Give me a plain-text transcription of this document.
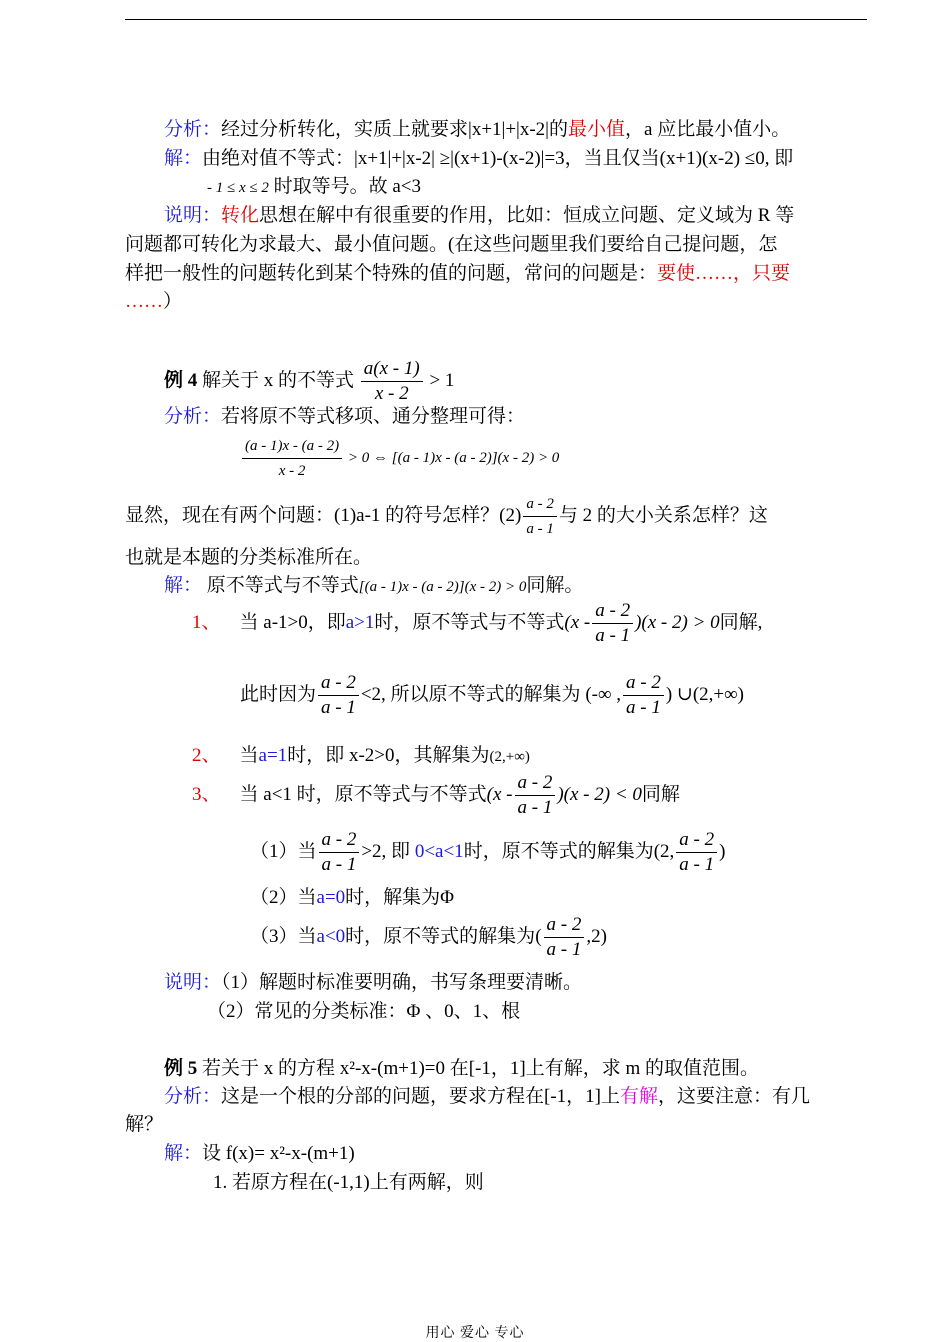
分析：经过分析转化，实质上就要求|x+1|+|x-2|的最小值，a 应比最小值小。
解：由绝对值不等式：|x+1|+|x-2| ≥|(x+1)-(x-2)|=3，当且仅当(x+1)(x-2) ≤0, 即
- 1 ≤ x ≤ 2 时取等号。故 a<3
说明：转化思想在解中有很重要的作用，比如：恒成立问题、定义域为 R 等
问题都可转化为求最大、最小值问题。(在这些问题里我们要给自己提问题，怎
样把一般性的问题转化到某个特殊的值的问题，常问的问题是：要使……，只要
……）
例 4 解关于 x 的不等式 $\frac{a(x - 1)}{x - 2} > 1$
分析：若将原不等式移项、通分整理可得：
$\frac{(a - 1)x - (a - 2)}{x - 2} > 0$ ⇔ [(a - 1)x - (a - 2)](x - 2) > 0
显然，现在有两个问题：(1)a-1 的符号怎样？$(2) \frac{a - 2}{a - 1}$ 与 2 的大小关系怎样？这
也就是本题的分类标准所在。
解： 原不等式与不等式[(a - 1)x - (a - 2)](x - 2) > 0同解。
1、 当 a-1>0，即a>1时，原不等式与不等式$(x - \frac{a - 2}{a - 1} )(x - 2) > 0$同解,
此时因为 $\frac{a - 2}{a - 1} <2$, 所以原不等式的解集为 (-∞ , $\frac{a - 2}{a - 1}$ ) ∪(2,+∞)
2、 当a=1时，即 x-2>0，其解集为(2,+∞)
3、 当 a<1 时，原不等式与不等式$(x - \frac{a - 2}{a - 1} )(x - 2) < 0$同解
（1）当 $\frac{a - 2}{a - 1} >2$, 即 0<a<1时，原不等式的解集为(2, $\frac{a - 2}{a - 1}$ )
（2）当a=0时，解集为Φ
（3）当a<0时，原不等式的解集为( $\frac{a - 2}{a - 1} ,2$)
说明：（1）解题时标准要明确，书写条理要清晰。
（2）常见的分类标准：Φ 、0、1、根
例 5 若关于 x 的方程 x²-x-(m+1)=0 在[-1，1]上有解，求 m 的取值范围。
分析：这是一个根的分部的问题，要求方程在[-1，1]上有解，这要注意：有几
解？
解：设 f(x)= x²-x-(m+1)
1. 若原方程在(-1,1)上有两解，则
用心 爱心 专心
